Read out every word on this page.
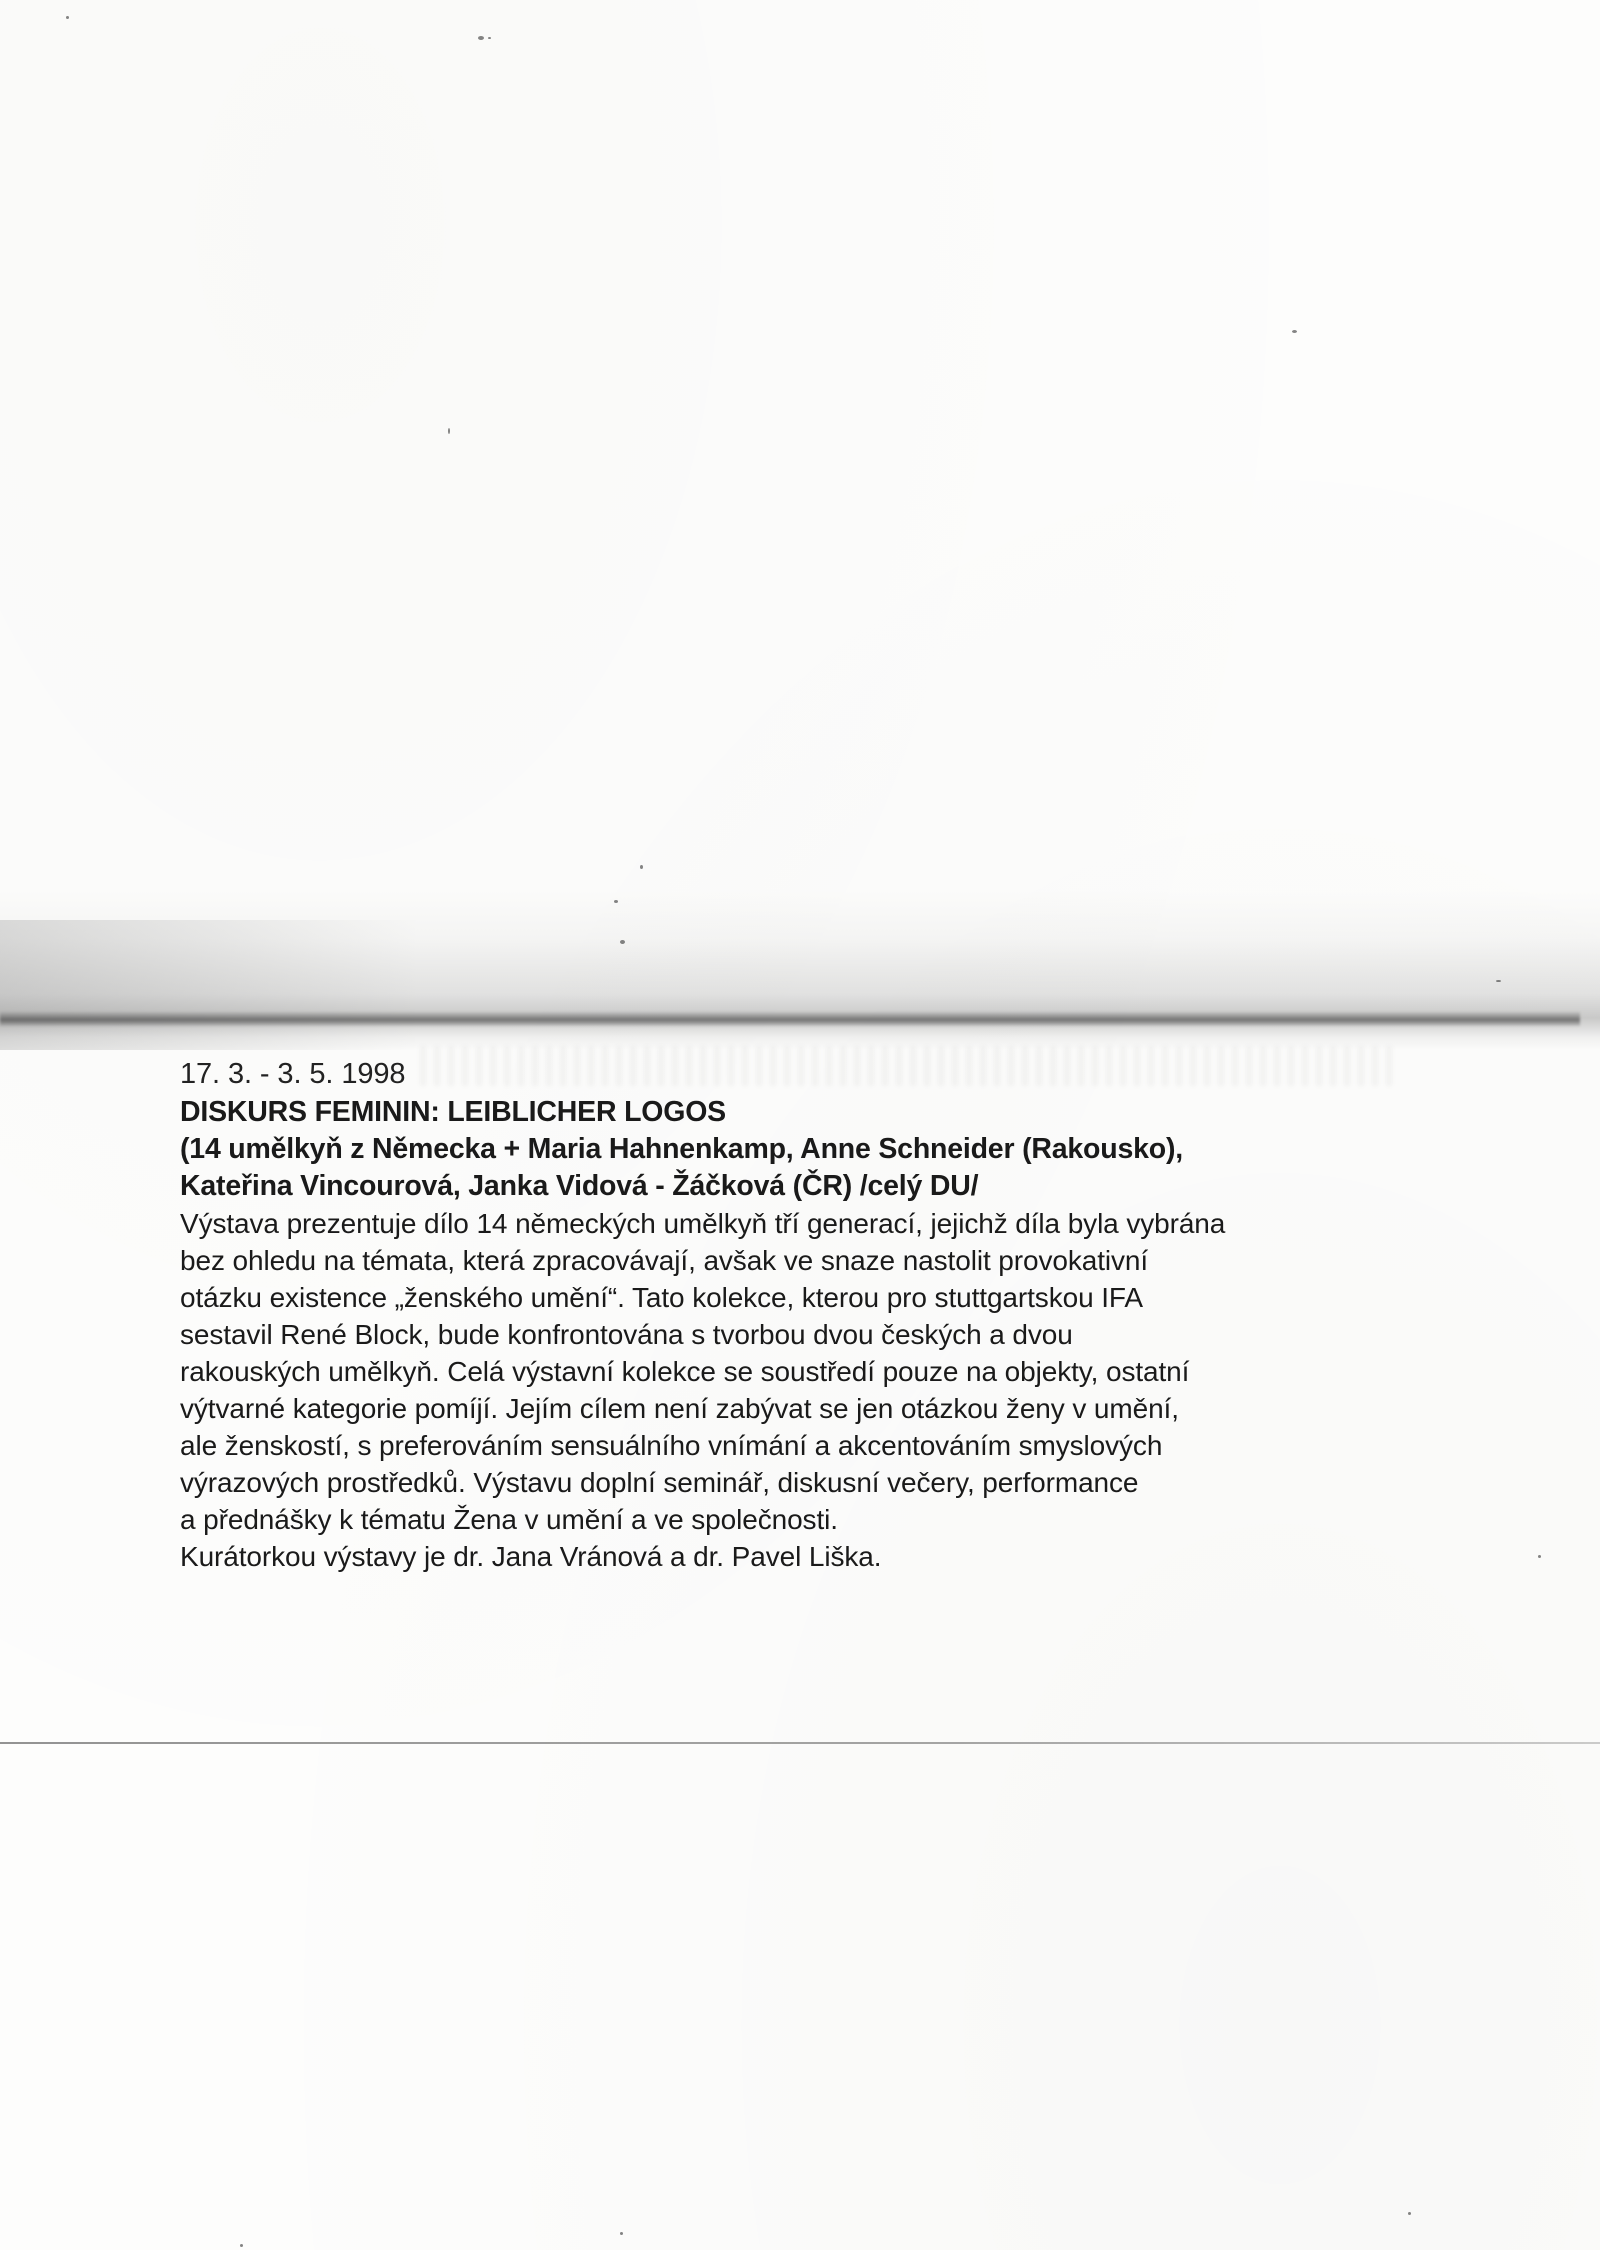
17. 3. - 3. 5. 1998
DISKURS FEMININ: LEIBLICHER LOGOS
(14 umělkyň z Německa + Maria Hahnenkamp, Anne Schneider (Rakousko),
Kateřina Vincourová, Janka Vidová - Žáčková (ČR) /celý DU/
Výstava prezentuje dílo 14 německých umělkyň tří generací, jejichž díla byla vybrána
bez ohledu na témata, která zpracovávají, avšak ve snaze nastolit provokativní
otázku existence „ženského umění“. Tato kolekce, kterou pro stuttgartskou IFA
sestavil René Block, bude konfrontována s tvorbou dvou českých a dvou
rakouských umělkyň. Celá výstavní kolekce se soustředí pouze na objekty, ostatní
výtvarné kategorie pomíjí. Jejím cílem není zabývat se jen otázkou ženy v umění,
ale ženskostí, s preferováním sensuálního vnímání a akcentováním smyslových
výrazových prostředků. Výstavu doplní seminář, diskusní večery, performance
a přednášky k tématu Žena v umění a ve společnosti.
Kurátorkou výstavy je dr. Jana Vránová a dr. Pavel Liška.
